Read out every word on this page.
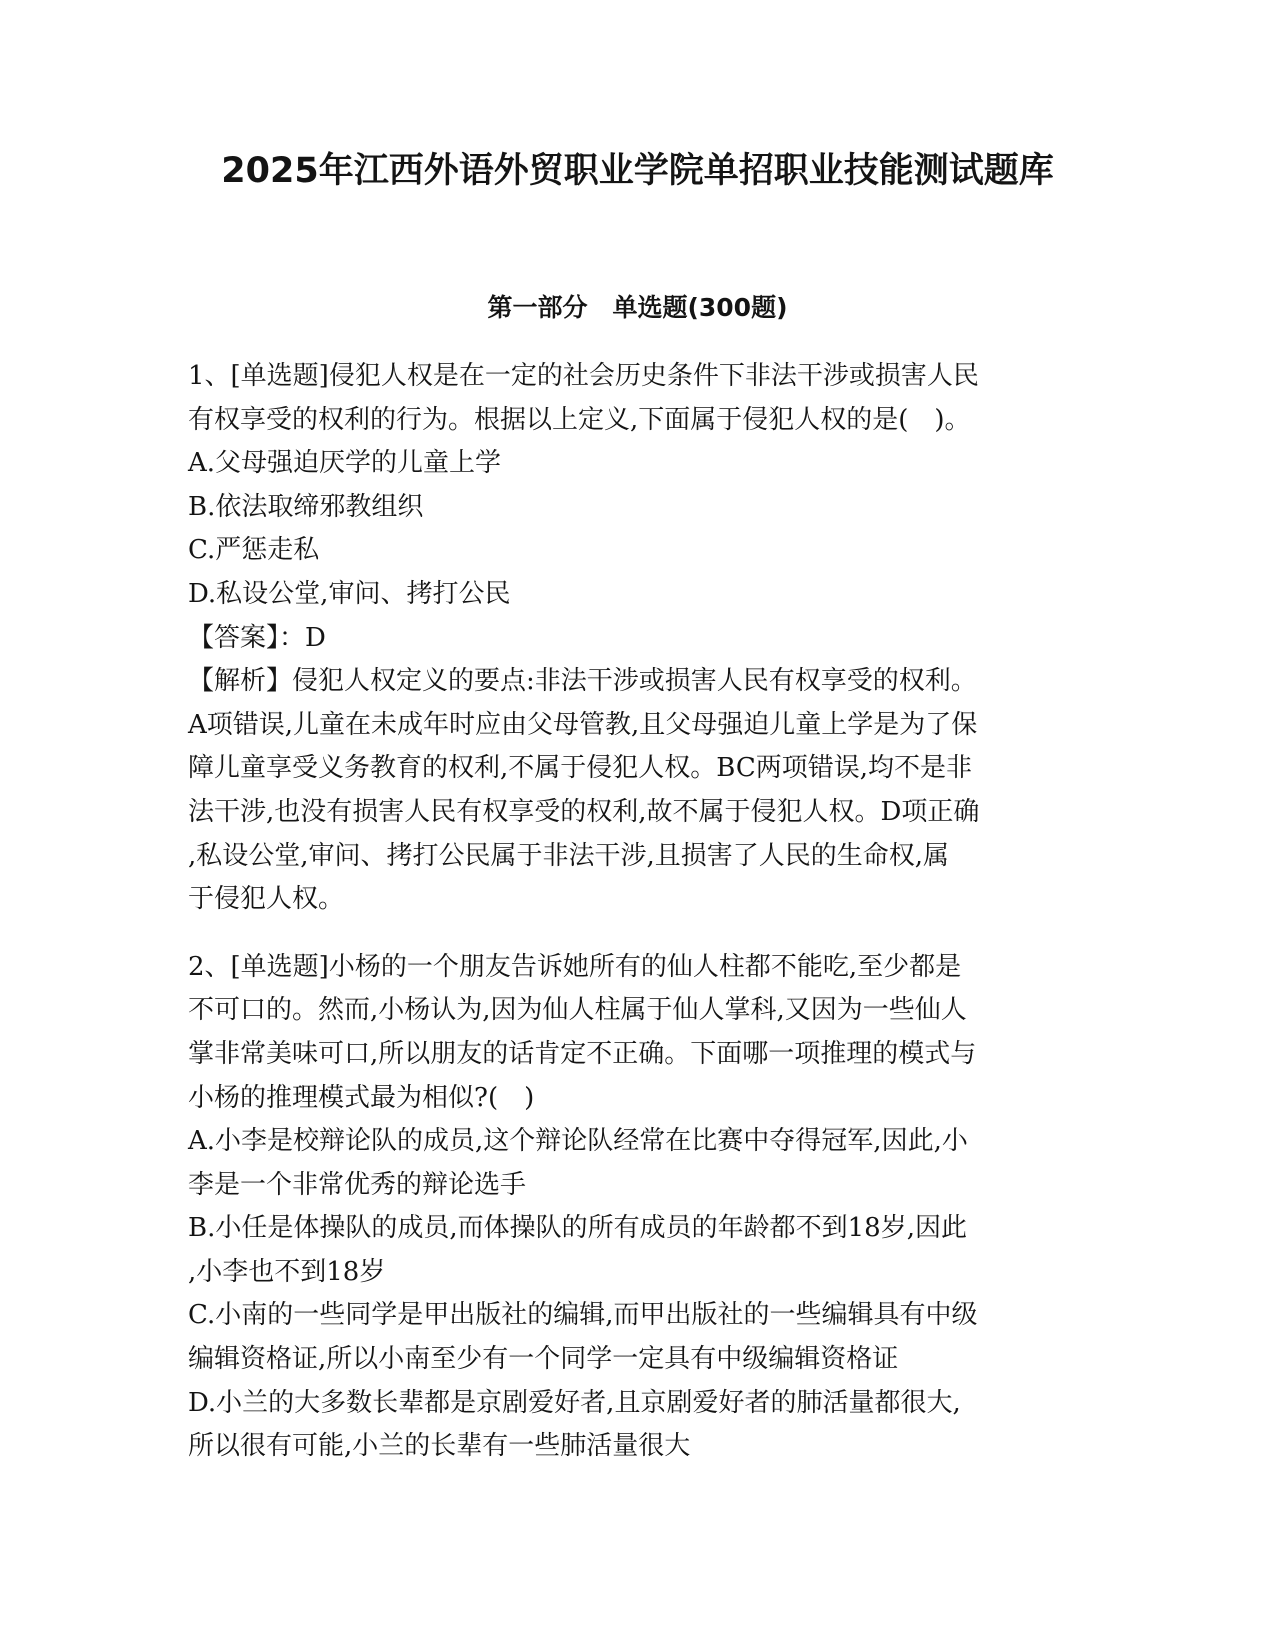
2025年江西外语外贸职业学院单招职业技能测试题库
第一部分　单选题(300题)
1、[单选题]侵犯人权是在一定的社会历史条件下非法干涉或损害人民
有权享受的权利的行为。根据以上定义,下面属于侵犯人权的是(　)。
A.父母强迫厌学的儿童上学
B.依法取缔邪教组织
C.严惩走私
D.私设公堂,审问、拷打公民
【答案】：D
【解析】侵犯人权定义的要点:非法干涉或损害人民有权享受的权利。
A项错误,儿童在未成年时应由父母管教,且父母强迫儿童上学是为了保
障儿童享受义务教育的权利,不属于侵犯人权。BC两项错误,均不是非
法干涉,也没有损害人民有权享受的权利,故不属于侵犯人权。D项正确
,私设公堂,审问、拷打公民属于非法干涉,且损害了人民的生命权,属
于侵犯人权。
2、[单选题]小杨的一个朋友告诉她所有的仙人柱都不能吃,至少都是
不可口的。然而,小杨认为,因为仙人柱属于仙人掌科,又因为一些仙人
掌非常美味可口,所以朋友的话肯定不正确。下面哪一项推理的模式与
小杨的推理模式最为相似?(　)
A.小李是校辩论队的成员,这个辩论队经常在比赛中夺得冠军,因此,小
李是一个非常优秀的辩论选手
B.小任是体操队的成员,而体操队的所有成员的年龄都不到18岁,因此
,小李也不到18岁
C.小南的一些同学是甲出版社的编辑,而甲出版社的一些编辑具有中级
编辑资格证,所以小南至少有一个同学一定具有中级编辑资格证
D.小兰的大多数长辈都是京剧爱好者,且京剧爱好者的肺活量都很大,
所以很有可能,小兰的长辈有一些肺活量很大
